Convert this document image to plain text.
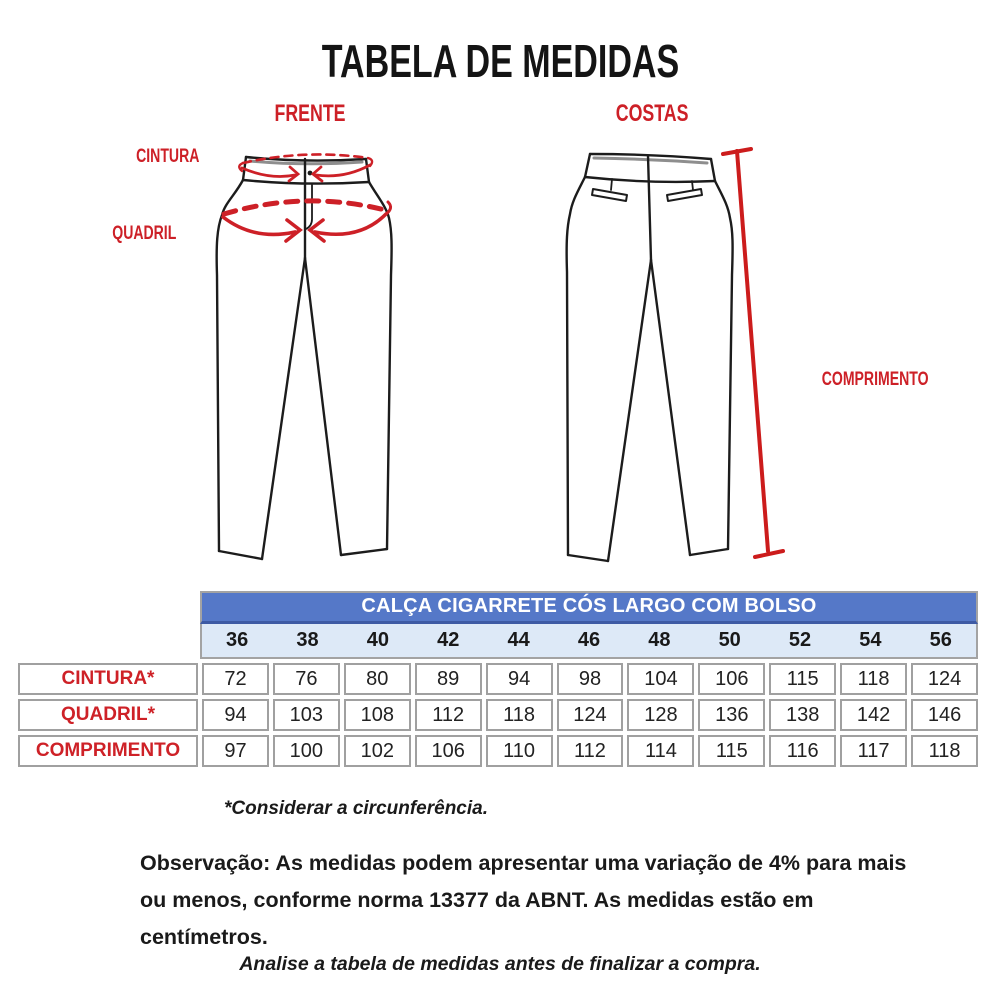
TABELA DE MEDIDAS
FRENTE	COSTAS
CINTURA
QUADRIL
COMPRIMENTO
CALÇA CIGARRETE CÓS LARGO COM BOLSO
36	38	40	42	44	46	48	50	52	54	56
CINTURA*	72	76	80	89	94	98	104	106	115	118	124
QUADRIL*	94	103	108	112	118	124	128	136	138	142	146
COMPRIMENTO	97	100	102	106	110	112	114	115	116	117	118
*Considerar a circunferência.
Observação: As medidas podem apresentar uma variação de 4% para mais
ou menos, conforme norma 13377 da ABNT. As medidas estão em
centímetros.
Analise a tabela de medidas antes de finalizar a compra.
